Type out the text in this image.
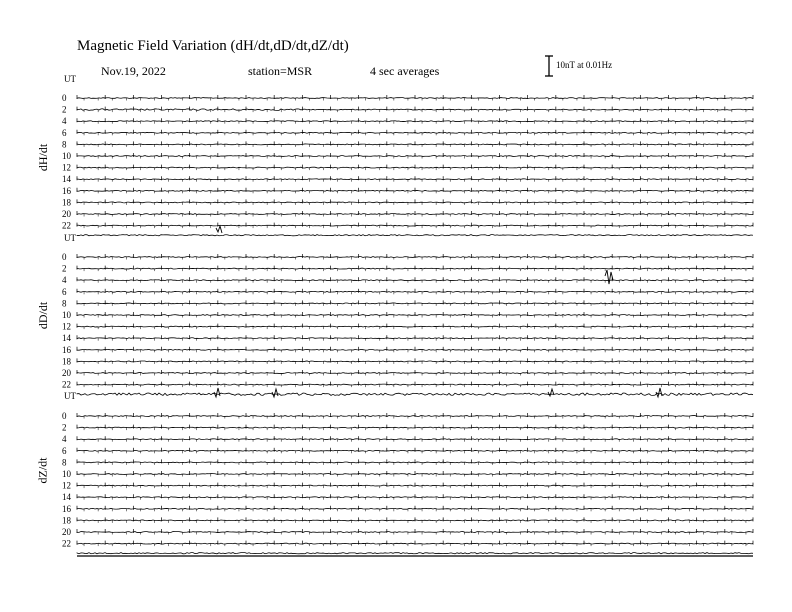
Magnetic Field Variation (dH/dt,dD/dt,dZ/dt)
Nov.19, 2022	station=MSR	4 sec averages	10nT at 0.01Hz
dH/dt
dD/dt
dZ/dt
UT
UT
UT
0
2
4
6
8
10
12
14
16
18
20
22
0
2
4
6
8
10
12
14
16
18
20
22
0
2
4
6
8
10
12
14
16
18
20
22
